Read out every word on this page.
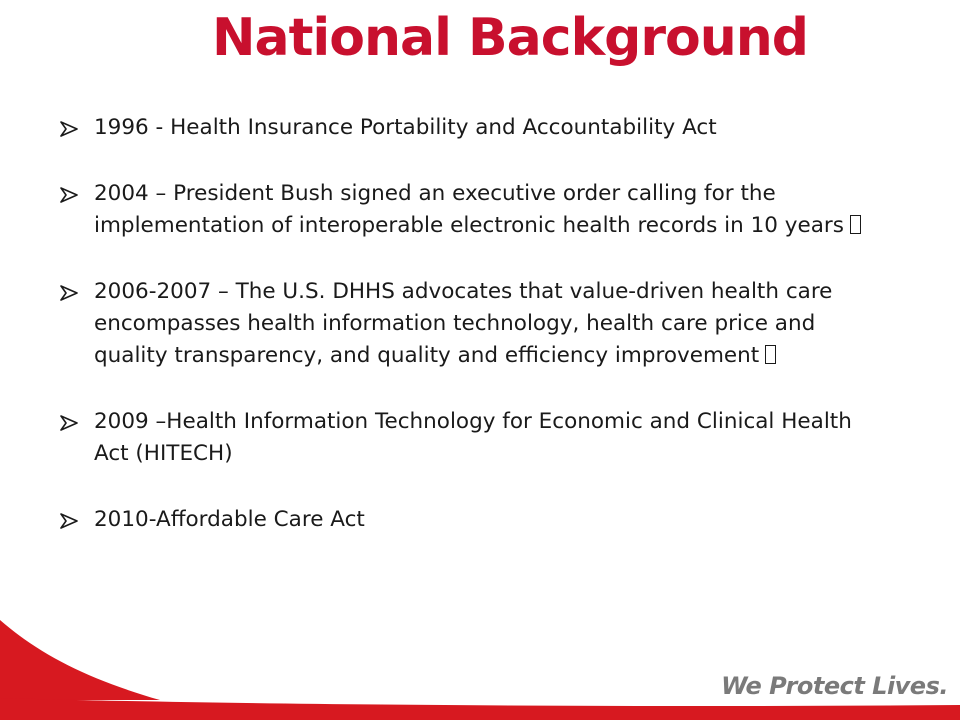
National Background
1996 - Health Insurance Portability and Accountability Act
2004 – President Bush signed an executive order calling for the implementation of interoperable electronic health records in 10 years
2006-2007 – The U.S. DHHS advocates that value-driven health care encompasses health information technology, health care price and quality transparency, and quality and efficiency improvement
2009 –Health Information Technology for Economic and Clinical Health Act (HITECH)
2010-Affordable Care Act
We Protect Lives.
